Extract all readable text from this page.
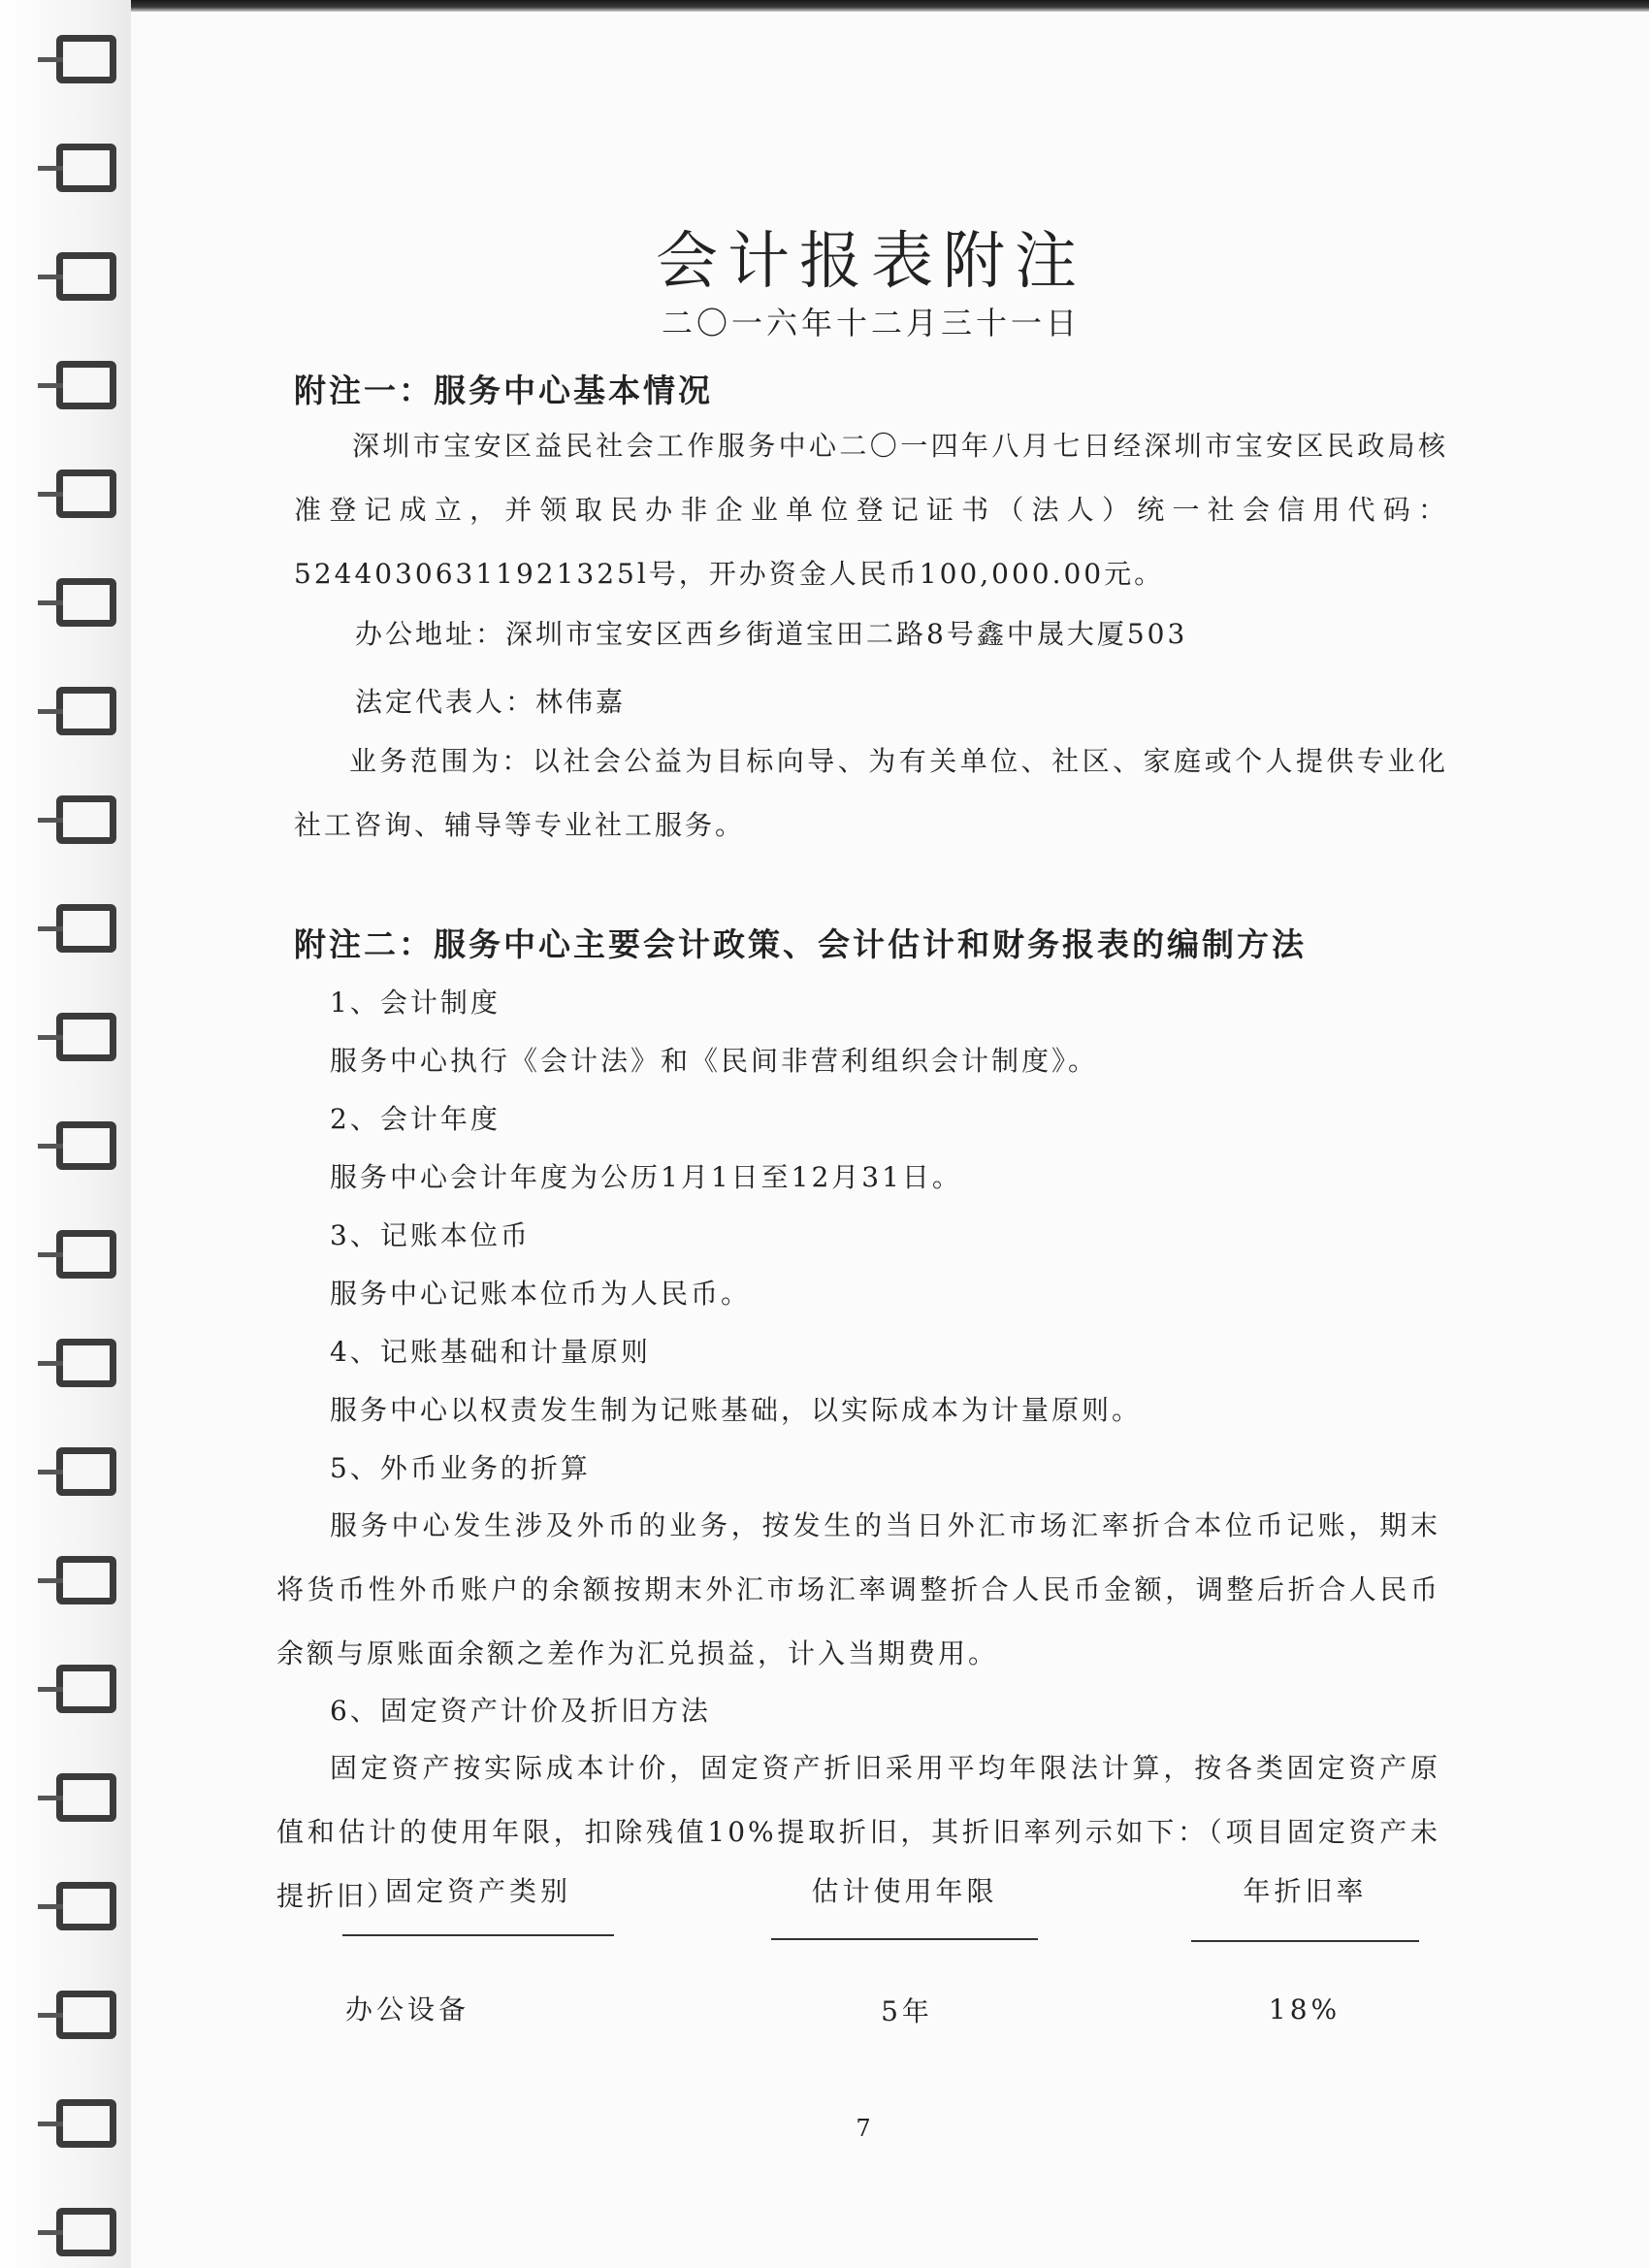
会计报表附注
二〇一六年十二月三十一日
附注一：服务中心基本情况

深圳市宝安区益民社会工作服务中心二〇一四年八月七日经深圳市宝安区民政局核准登记成立，并领取民办非企业单位登记证书（法人）统一社会信用代码：52440306311921325l号，开办资金人民币100,000.00元。

办公地址：深圳市宝安区西乡街道宝田二路8号鑫中晟大厦503
法定代表人：林伟嘉

业务范围为：以社会公益为目标向导、为有关单位、社区、家庭或个人提供专业化社工咨询、辅导等专业社工服务。

附注二：服务中心主要会计政策、会计估计和财务报表的编制方法
1、会计制度
服务中心执行《会计法》和《民间非营利组织会计制度》。
2、会计年度
服务中心会计年度为公历1月1日至12月31日。
3、记账本位币
服务中心记账本位币为人民币。
4、记账基础和计量原则
服务中心以权责发生制为记账基础，以实际成本为计量原则。
5、外币业务的折算

服务中心发生涉及外币的业务，按发生的当日外汇市场汇率折合本位币记账，期末将货币性外币账户的余额按期末外汇市场汇率调整折合人民币金额，调整后折合人民币余额与原账面余额之差作为汇兑损益，计入当期费用。

6、固定资产计价及折旧方法

固定资产按实际成本计价，固定资产折旧采用平均年限法计算，按各类固定资产原值和估计的使用年限，扣除残值10%提取折旧，其折旧率列示如下：（项目固定资产未提折旧）

固定资产类别	估计使用年限	年折旧率
办公设备	5年	18%
7
